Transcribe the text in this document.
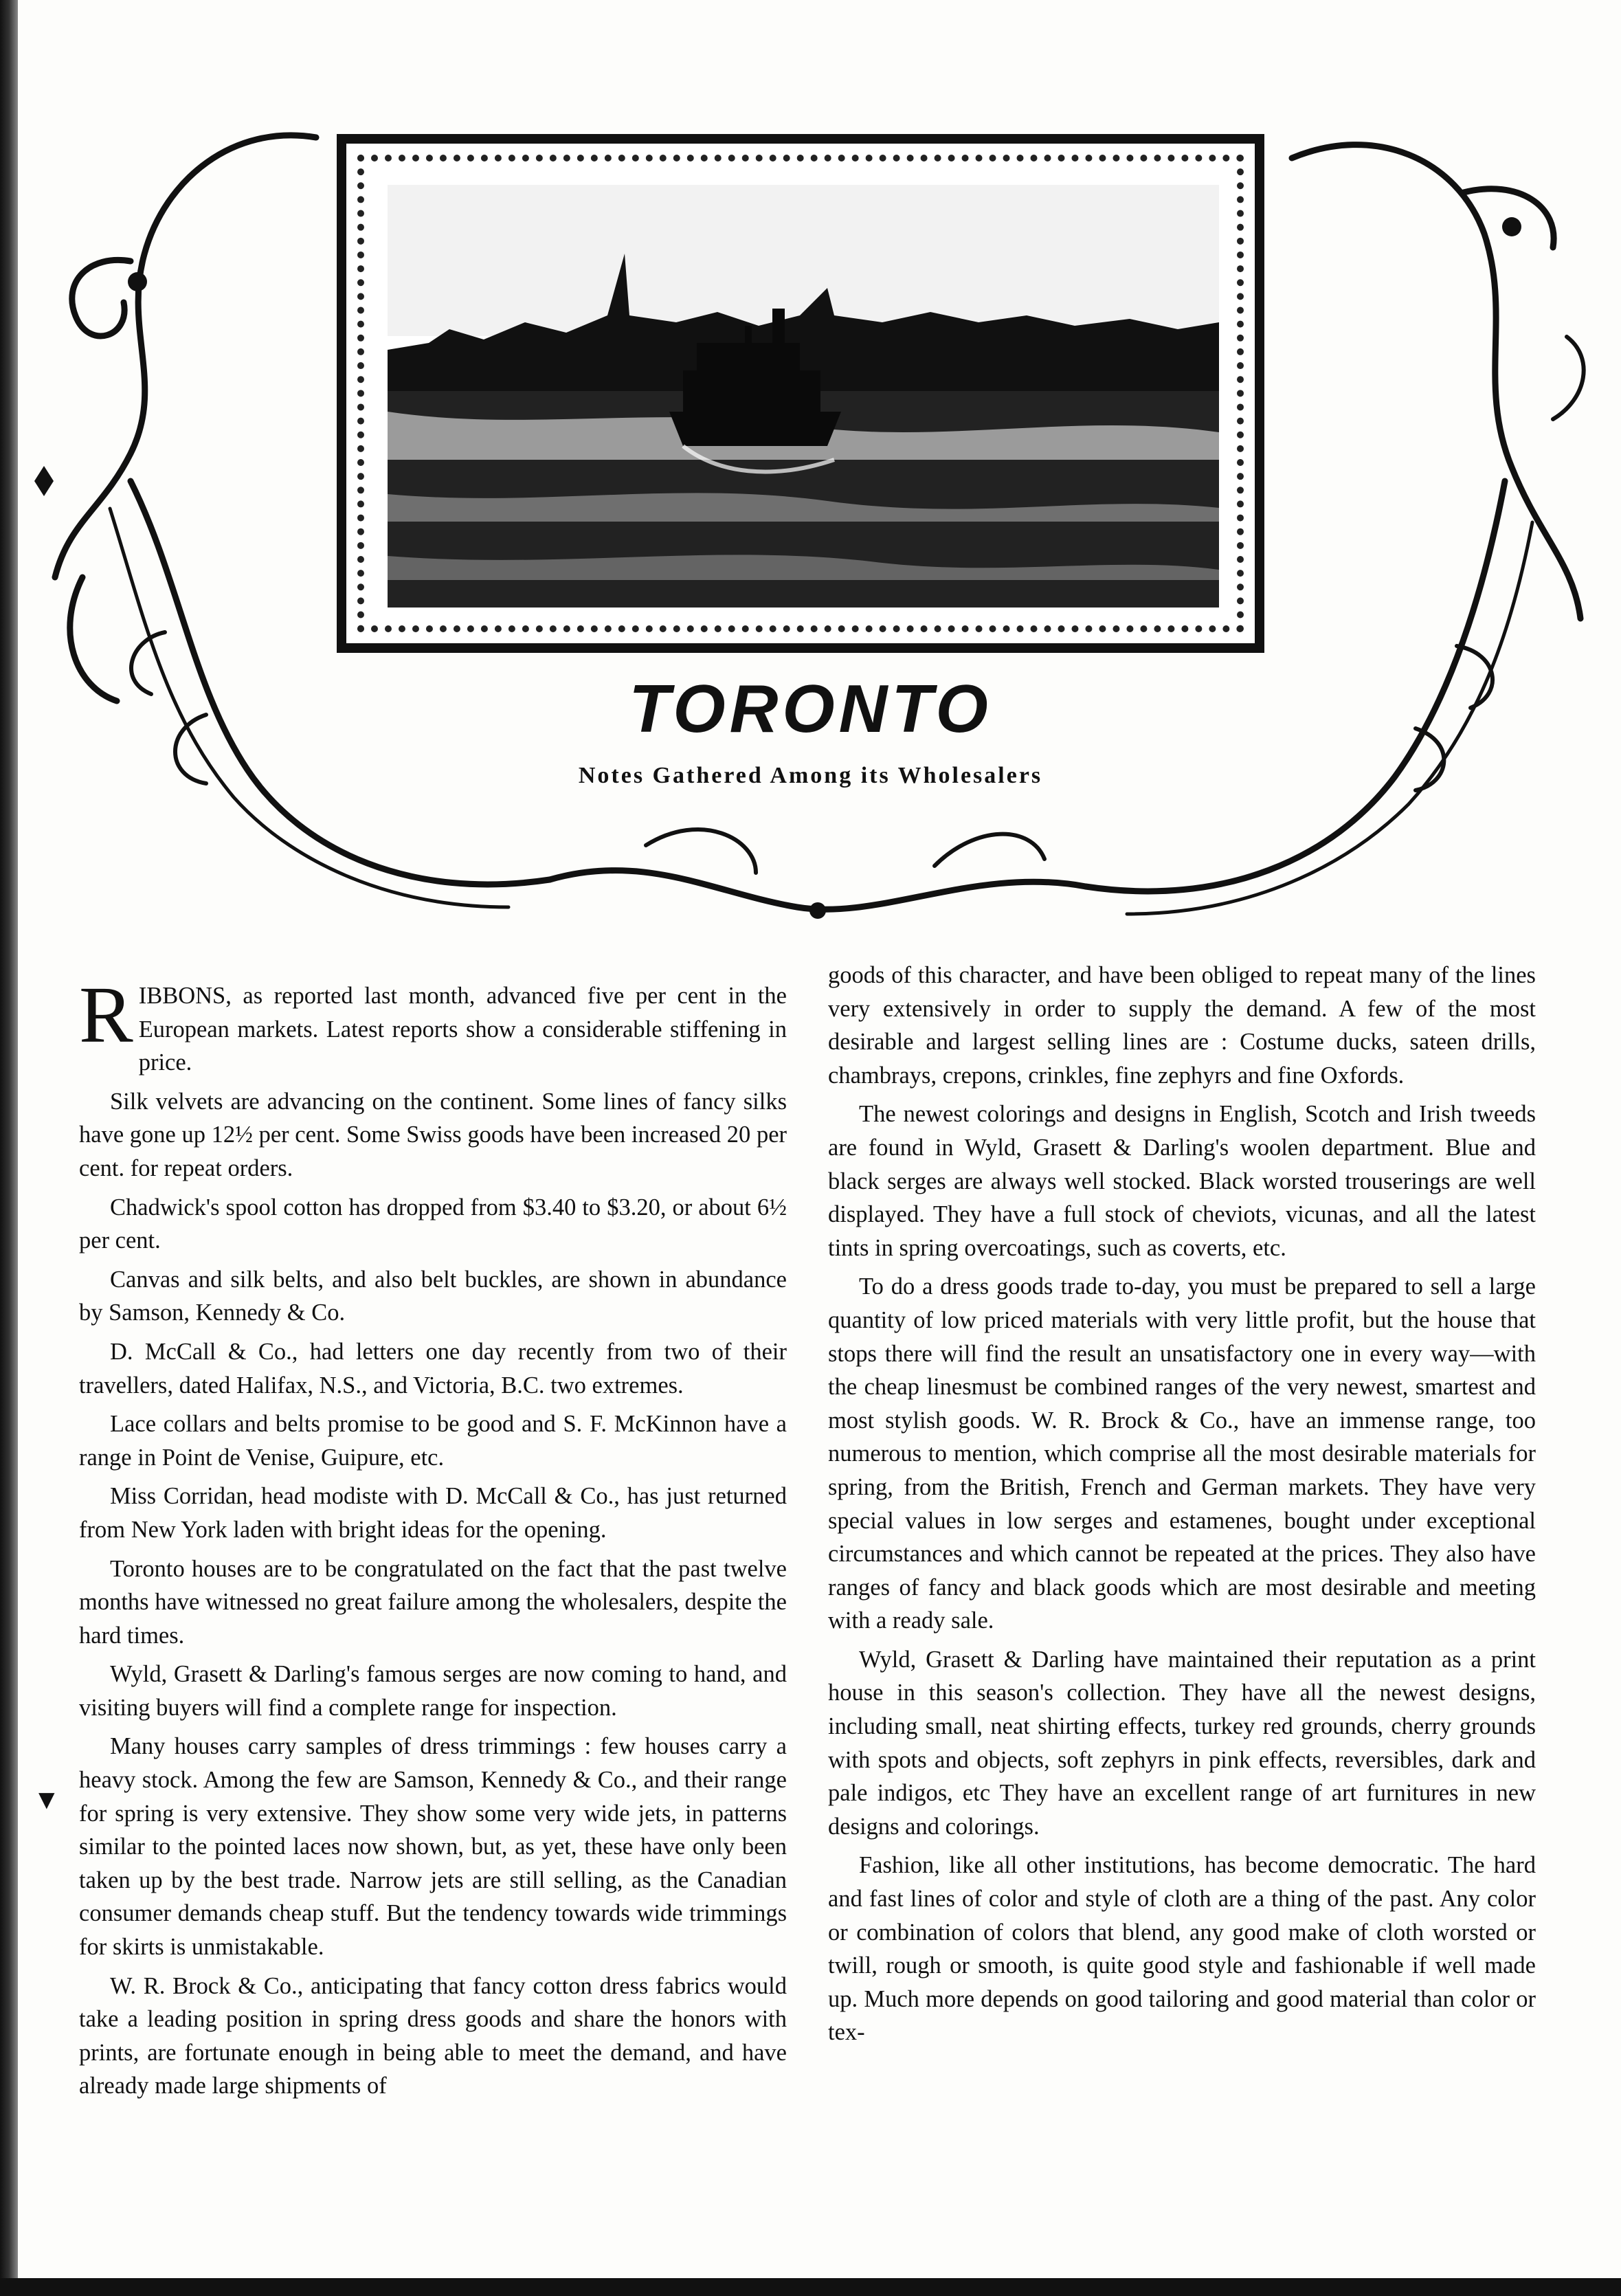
TORONTO
Notes Gathered Among its Wholesalers

RIBBONS, as reported last month, advanced five per cent in the European markets. Latest reports show a considerable stiffening in price.

Silk velvets are advancing on the continent. Some lines of fancy silks have gone up 12½ per cent. Some Swiss goods have been increased 20 per cent. for repeat orders.

Chadwick's spool cotton has dropped from $3.40 to $3.20, or about 6½ per cent.

Canvas and silk belts, and also belt buckles, are shown in abundance by Samson, Kennedy & Co.

D. McCall & Co., had letters one day recently from two of their travellers, dated Halifax, N.S., and Victoria, B.C. two extremes.

Lace collars and belts promise to be good and S. F. McKinnon have a range in Point de Venise, Guipure, etc.

Miss Corridan, head modiste with D. McCall & Co., has just returned from New York laden with bright ideas for the opening.

Toronto houses are to be congratulated on the fact that the past twelve months have witnessed no great failure among the wholesalers, despite the hard times.

Wyld, Grasett & Darling's famous serges are now coming to hand, and visiting buyers will find a complete range for inspection.

Many houses carry samples of dress trimmings : few houses carry a heavy stock. Among the few are Samson, Kennedy & Co., and their range for spring is very extensive. They show some very wide jets, in patterns similar to the pointed laces now shown, but, as yet, these have only been taken up by the best trade. Narrow jets are still selling, as the Canadian consumer demands cheap stuff. But the tendency towards wide trimmings for skirts is unmistakable.

W. R. Brock & Co., anticipating that fancy cotton dress fabrics would take a leading position in spring dress goods and share the honors with prints, are fortunate enough in being able to meet the demand, and have already made large shipments of

goods of this character, and have been obliged to repeat many of the lines very extensively in order to supply the demand. A few of the most desirable and largest selling lines are : Costume ducks, sateen drills, chambrays, crepons, crinkles, fine zephyrs and fine Oxfords.

The newest colorings and designs in English, Scotch and Irish tweeds are found in Wyld, Grasett & Darling's woolen department. Blue and black serges are always well stocked. Black worsted trouserings are well displayed. They have a full stock of cheviots, vicunas, and all the latest tints in spring overcoatings, such as coverts, etc.

To do a dress goods trade to-day, you must be prepared to sell a large quantity of low priced materials with very little profit, but the house that stops there will find the result an unsatisfactory one in every way—with the cheap linesmust be combined ranges of the very newest, smartest and most stylish goods. W. R. Brock & Co., have an immense range, too numerous to mention, which comprise all the most desirable materials for spring, from the British, French and German markets. They have very special values in low serges and estamenes, bought under exceptional circumstances and which cannot be repeated at the prices. They also have ranges of fancy and black goods which are most desirable and meeting with a ready sale.

Wyld, Grasett & Darling have maintained their reputation as a print house in this season's collection. They have all the newest designs, including small, neat shirting effects, turkey red grounds, cherry grounds with spots and objects, soft zephyrs in pink effects, reversibles, dark and pale indigos, etc They have an excellent range of art furnitures in new designs and colorings.

Fashion, like all other institutions, has become democratic. The hard and fast lines of color and style of cloth are a thing of the past. Any color or combination of colors that blend, any good make of cloth worsted or twill, rough or smooth, is quite good style and fashionable if well made up. Much more depends on good tailoring and good material than color or tex-

▼
